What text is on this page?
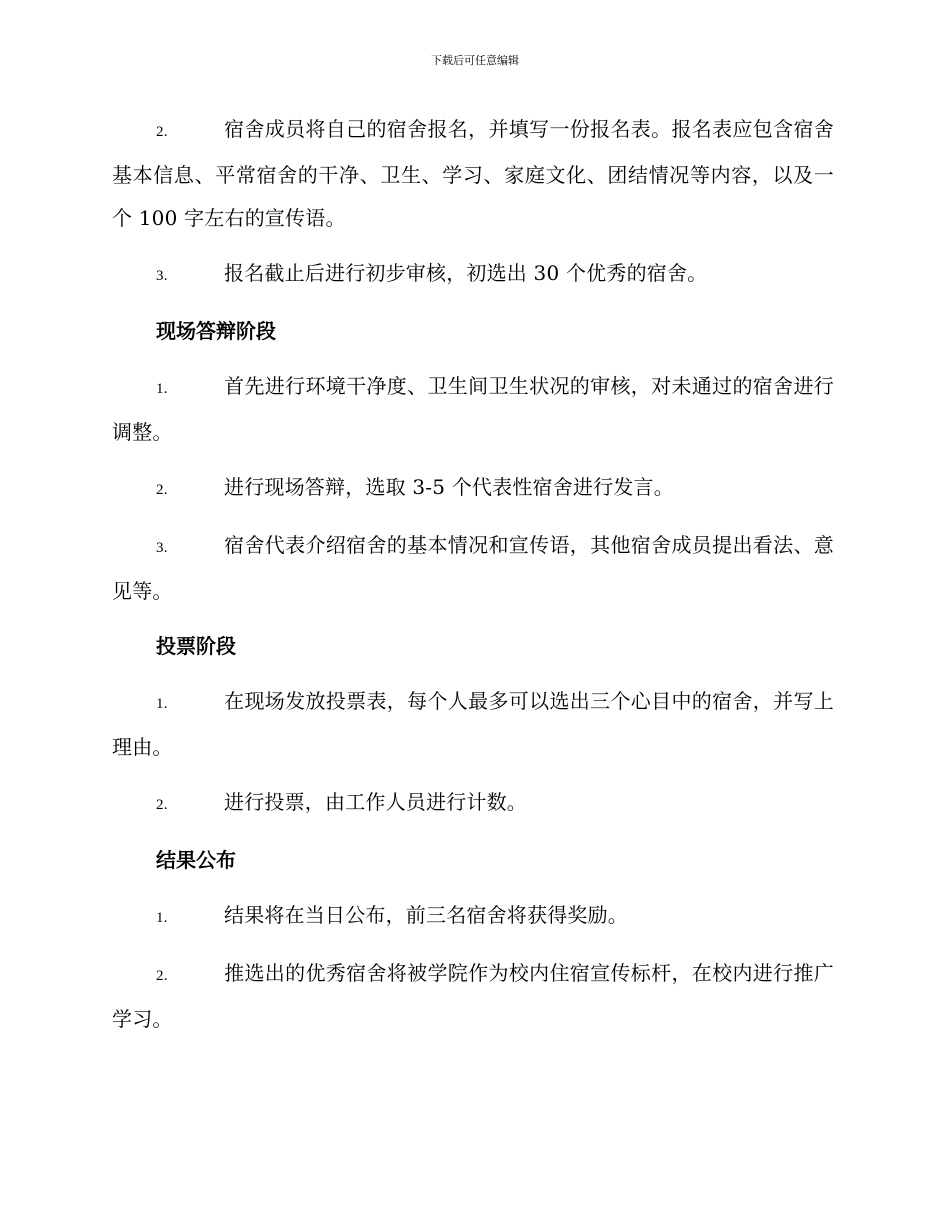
下载后可任意编辑

2.	宿舍成员将自己的宿舍报名，并填写一份报名表。报名表应包含宿舍基本信息、平常宿舍的干净、卫生、学习、家庭文化、团结情况等内容，以及一个 100 字左右的宣传语。

3.	报名截止后进行初步审核，初选出 30 个优秀的宿舍。

现场答辩阶段

1.	首先进行环境干净度、卫生间卫生状况的审核，对未通过的宿舍进行调整。

2.	进行现场答辩，选取 3-5 个代表性宿舍进行发言。

3.	宿舍代表介绍宿舍的基本情况和宣传语，其他宿舍成员提出看法、意见等。

投票阶段

1.	在现场发放投票表，每个人最多可以选出三个心目中的宿舍，并写上理由。

2.	进行投票，由工作人员进行计数。

结果公布

1.	结果将在当日公布，前三名宿舍将获得奖励。

2.	推选出的优秀宿舍将被学院作为校内住宿宣传标杆，在校内进行推广学习。
